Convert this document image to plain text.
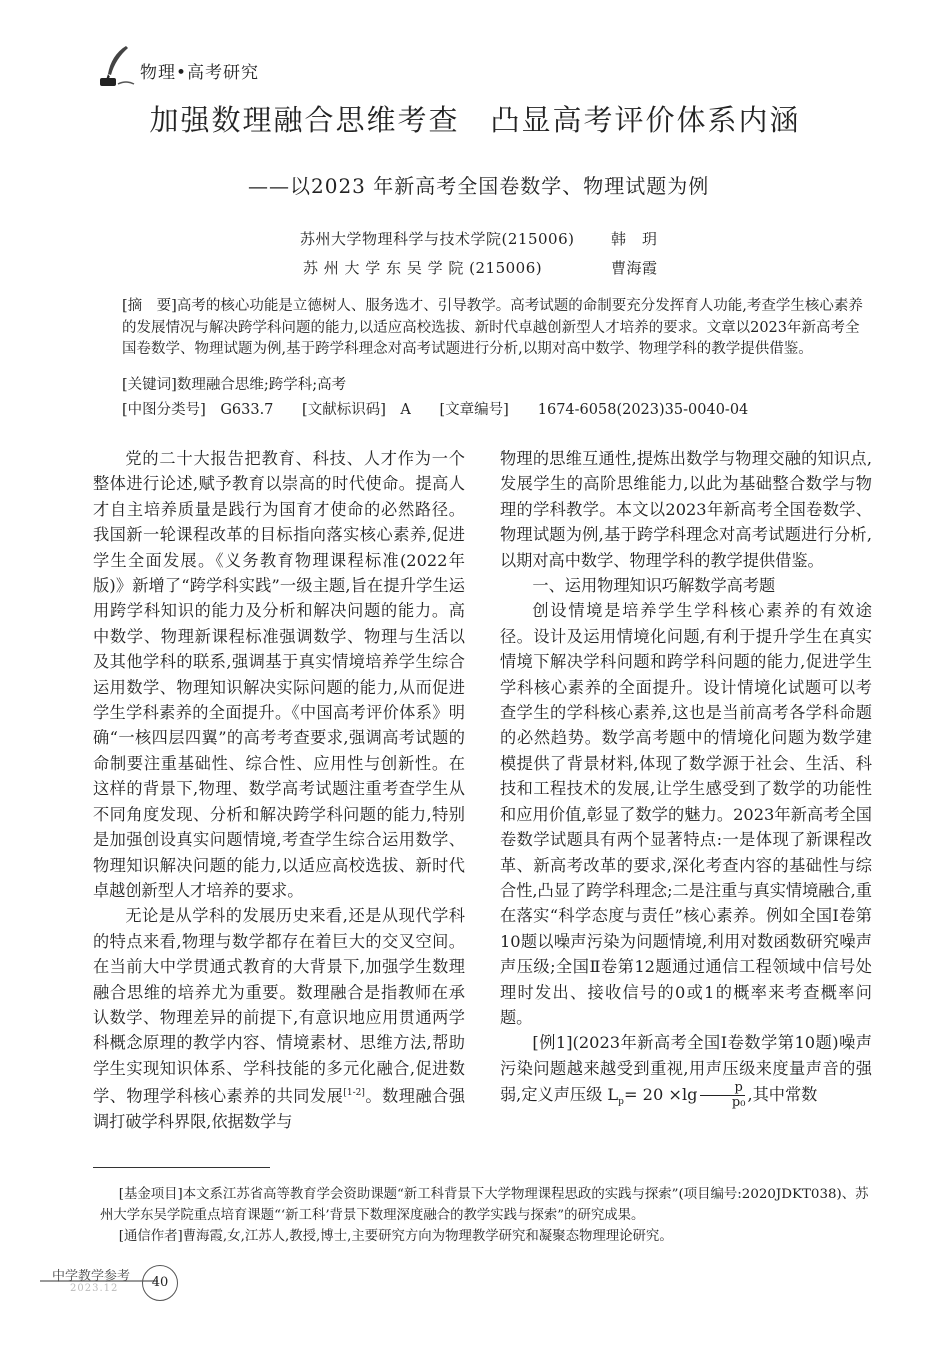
物理•高考研究
加强数理融合思维考查　凸显高考评价体系内涵
——以2023 年新高考全国卷数学、物理试题为例
苏州大学物理科学与技术学院(215006) 韩　玥
苏 州 大 学 东 吴 学 院 (215006)	曹海霞
[摘　要]高考的核心功能是立德树人、服务选才、引导教学。高考试题的命制要充分发挥育人功能,考查学生核心素养的发展情况与解决跨学科问题的能力,以适应高校选拔、新时代卓越创新型人才培养的要求。文章以2023年新高考全国卷数学、物理试题为例,基于跨学科理念对高考试题进行分析,以期对高中数学、物理学科的教学提供借鉴。
[关键词]数理融合思维;跨学科;高考
[中图分类号]　G633.7 [文献标识码]　A [文章编号]　　1674-6058(2023)35-0040-04

党的二十大报告把教育、科技、人才作为一个整体进行论述,赋予教育以崇高的时代使命。提高人才自主培养质量是践行为国育才使命的必然路径。我国新一轮课程改革的目标指向落实核心素养,促进学生全面发展。《义务教育物理课程标准(2022年版)》新增了“跨学科实践”一级主题,旨在提升学生运用跨学科知识的能力及分析和解决问题的能力。高中数学、物理新课程标准强调数学、物理与生活以及其他学科的联系,强调基于真实情境培养学生综合运用数学、物理知识解决实际问题的能力,从而促进学生学科素养的全面提升。《中国高考评价体系》明确“一核四层四翼”的高考考查要求,强调高考试题的命制要注重基础性、综合性、应用性与创新性。在这样的背景下,物理、数学高考试题注重考查学生从不同角度发现、分析和解决跨学科问题的能力,特别是加强创设真实问题情境,考查学生综合运用数学、物理知识解决问题的能力,以适应高校选拔、新时代卓越创新型人才培养的要求。

无论是从学科的发展历史来看,还是从现代学科的特点来看,物理与数学都存在着巨大的交叉空间。在当前大中学贯通式教育的大背景下,加强学生数理融合思维的培养尤为重要。数理融合是指教师在承认数学、物理差异的前提下,有意识地应用贯通两学科概念原理的教学内容、情境素材、思维方法,帮助学生实现知识体系、学科技能的多元化融合,促进数学、物理学科核心素养的共同发展[1-2]。数理融合强调打破学科界限,依据数学与

物理的思维互通性,提炼出数学与物理交融的知识点,发展学生的高阶思维能力,以此为基础整合数学与物理的学科教学。本文以2023年新高考全国卷数学、物理试题为例,基于跨学科理念对高考试题进行分析,以期对高中数学、物理学科的教学提供借鉴。

一、运用物理知识巧解数学高考题

创设情境是培养学生学科核心素养的有效途径。设计及运用情境化问题,有利于提升学生在真实情境下解决学科问题和跨学科问题的能力,促进学生学科核心素养的全面提升。设计情境化试题可以考查学生的学科核心素养,这也是当前高考各学科命题的必然趋势。数学高考题中的情境化问题为数学建模提供了背景材料,体现了数学源于社会、生活、科技和工程技术的发展,让学生感受到了数学的功能性和应用价值,彰显了数学的魅力。2023年新高考全国卷数学试题具有两个显著特点:一是体现了新课程改革、新高考改革的要求,深化考查内容的基础性与综合性,凸显了跨学科理念;二是注重与真实情境融合,重在落实“科学态度与责任”核心素养。例如全国Ⅰ卷第10题以噪声污染为问题情境,利用对数函数研究噪声声压级;全国Ⅱ卷第12题通过通信工程领域中信号处理时发出、接收信号的0或1的概率来考查概率问题。

[例1](2023年新高考全国Ⅰ卷数学第10题)噪声污染问题越来越受到重视,用声压级来度量声音的强弱,定义声压级 $L_p= 20 \times\lg \frac{p}{\text{p₀}}$ ,其中常数

[基金项目]本文系江苏省高等教育学会资助课题“新工科背景下大学物理课程思政的实践与探索”(项目编号:2020JDKT038)、苏州大学东吴学院重点培育课题“‘新工科’背景下数理深度融合的教学实践与探索”的研究成果。

[通信作者]曹海霞,女,江苏人,教授,博士,主要研究方向为物理教学研究和凝聚态物理理论研究。

中学教学参考
2023.12	40
